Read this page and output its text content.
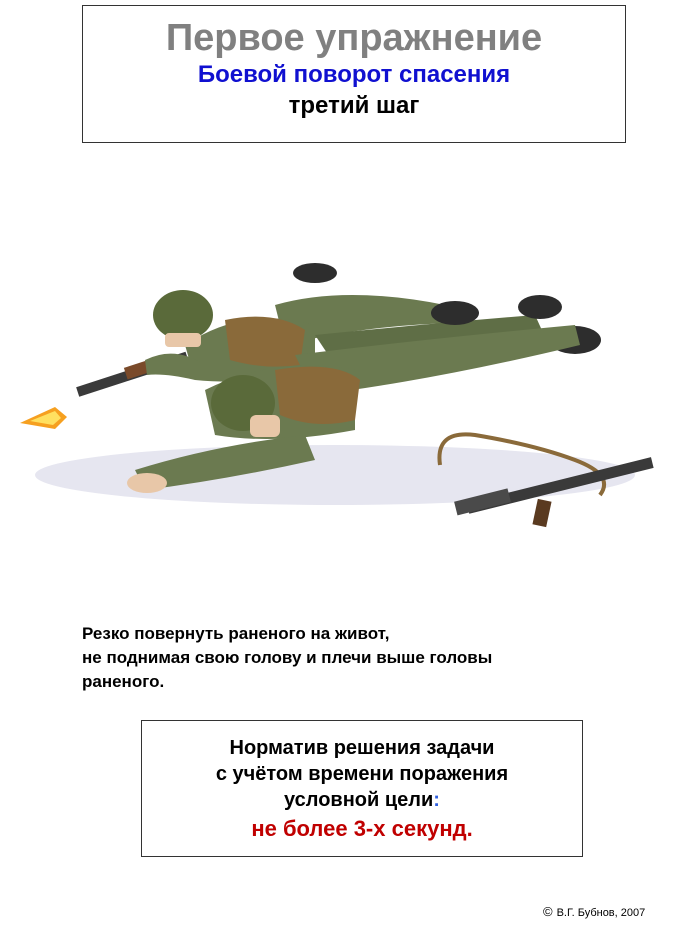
Первое упражнение
Боевой поворот спасения
третий шаг
Резко повернуть раненого на живот,
не поднимая свою голову и плечи выше головы
раненого.
Норматив решения задачи
с учётом времени поражения
условной цели:
не более 3-х секунд.
© В.Г. Бубнов, 2007
